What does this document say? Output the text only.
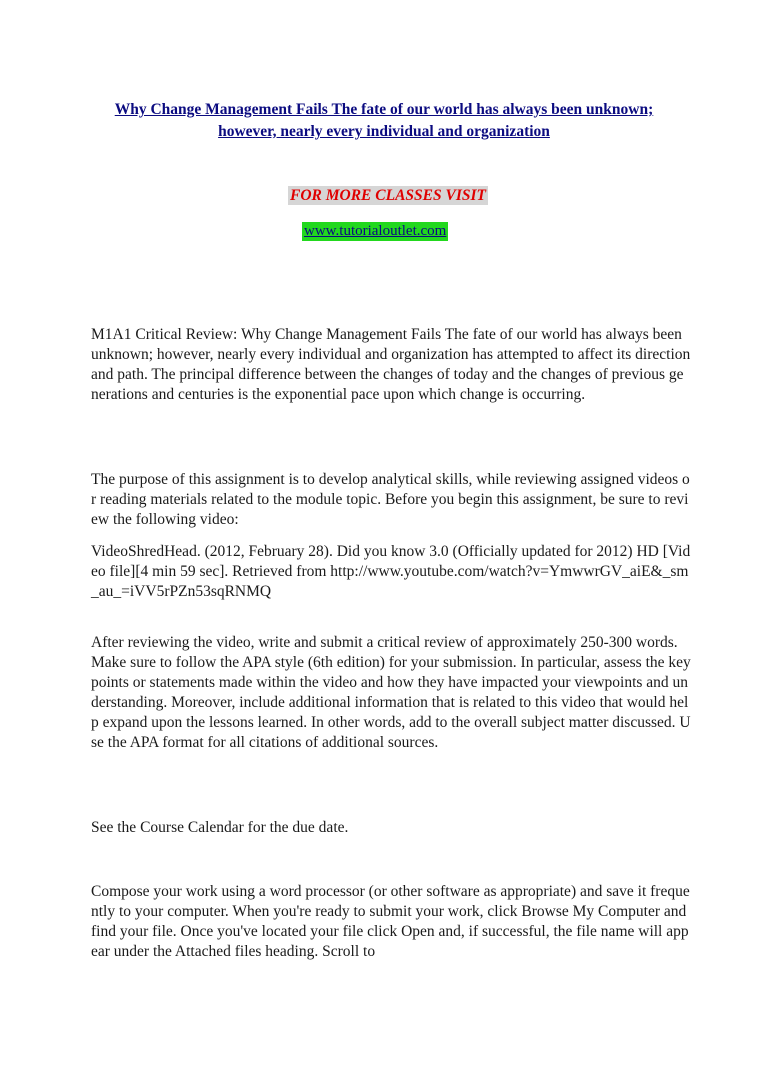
Why Change Management Fails The fate of our world has always been unknown; however, nearly every individual and organization
FOR MORE CLASSES VISIT
www.tutorialoutlet.com

M1A1 Critical Review: Why Change Management Fails The fate of our world has always been unknown; however, nearly every individual and organization has attempted to affect its direction and path. The principal difference between the changes of today and the changes of previous generations and centuries is the exponential pace upon which change is occurring.

The purpose of this assignment is to develop analytical skills, while reviewing assigned videos or reading materials related to the module topic. Before you begin this assignment, be sure to review the following video:

VideoShredHead. (2012, February 28). Did you know 3.0 (Officially updated for 2012) HD [Video file][4 min 59 sec]. Retrieved from http://www.youtube.com/watch?v=YmwwrGV_aiE&_sm_au_=iVV5rPZn53sqRNMQ

After reviewing the video, write and submit a critical review of approximately 250-300 words. Make sure to follow the APA style (6th edition) for your submission. In particular, assess the key points or statements made within the video and how they have impacted your viewpoints and understanding. Moreover, include additional information that is related to this video that would help expand upon the lessons learned. In other words, add to the overall subject matter discussed. Use the APA format for all citations of additional sources.

See the Course Calendar for the due date.

Compose your work using a word processor (or other software as appropriate) and save it frequently to your computer. When you're ready to submit your work, click Browse My Computer and find your file. Once you've located your file click Open and, if successful, the file name will appear under the Attached files heading. Scroll to
